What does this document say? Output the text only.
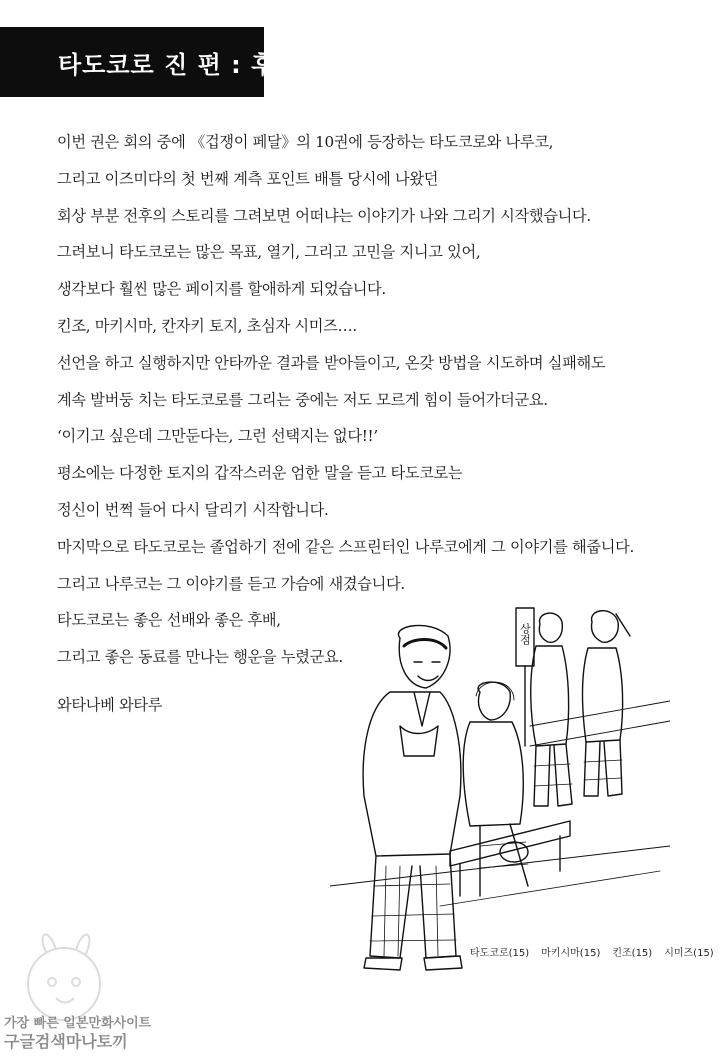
타도코로 진 편 : 후기

이번 권은 회의 중에 《겁쟁이 페달》의 10권에 등장하는 타도코로와 나루코,

그리고 이즈미다의 첫 번째 계측 포인트 배틀 당시에 나왔던

회상 부분 전후의 스토리를 그려보면 어떠냐는 이야기가 나와 그리기 시작했습니다.

그려보니 타도코로는 많은 목표, 열기, 그리고 고민을 지니고 있어,

생각보다 훨씬 많은 페이지를 할애하게 되었습니다.

킨조, 마키시마, 칸자키 토지, 초심자 시미즈….

선언을 하고 실행하지만 안타까운 결과를 받아들이고, 온갖 방법을 시도하며 실패해도

계속 발버둥 치는 타도코로를 그리는 중에는 저도 모르게 힘이 들어가더군요.

‘이기고 싶은데 그만둔다는, 그런 선택지는 없다!!’

평소에는 다정한 토지의 갑작스러운 엄한 말을 듣고 타도코로는

정신이 번쩍 들어 다시 달리기 시작합니다.

마지막으로 타도코로는 졸업하기 전에 같은 스프린터인 나루코에게 그 이야기를 해줍니다.

그리고 나루코는 그 이야기를 듣고 가슴에 새겼습니다.

타도코로는 좋은 선배와 좋은 후배,

그리고 좋은 동료를 만나는 행운을 누렸군요.

와타나베 와타루

상점
타도코로(15) 마키시마(15) 킨조(15) 시미즈(15)
가장 빠른 일본만화사이트
구글검색마나토끼
